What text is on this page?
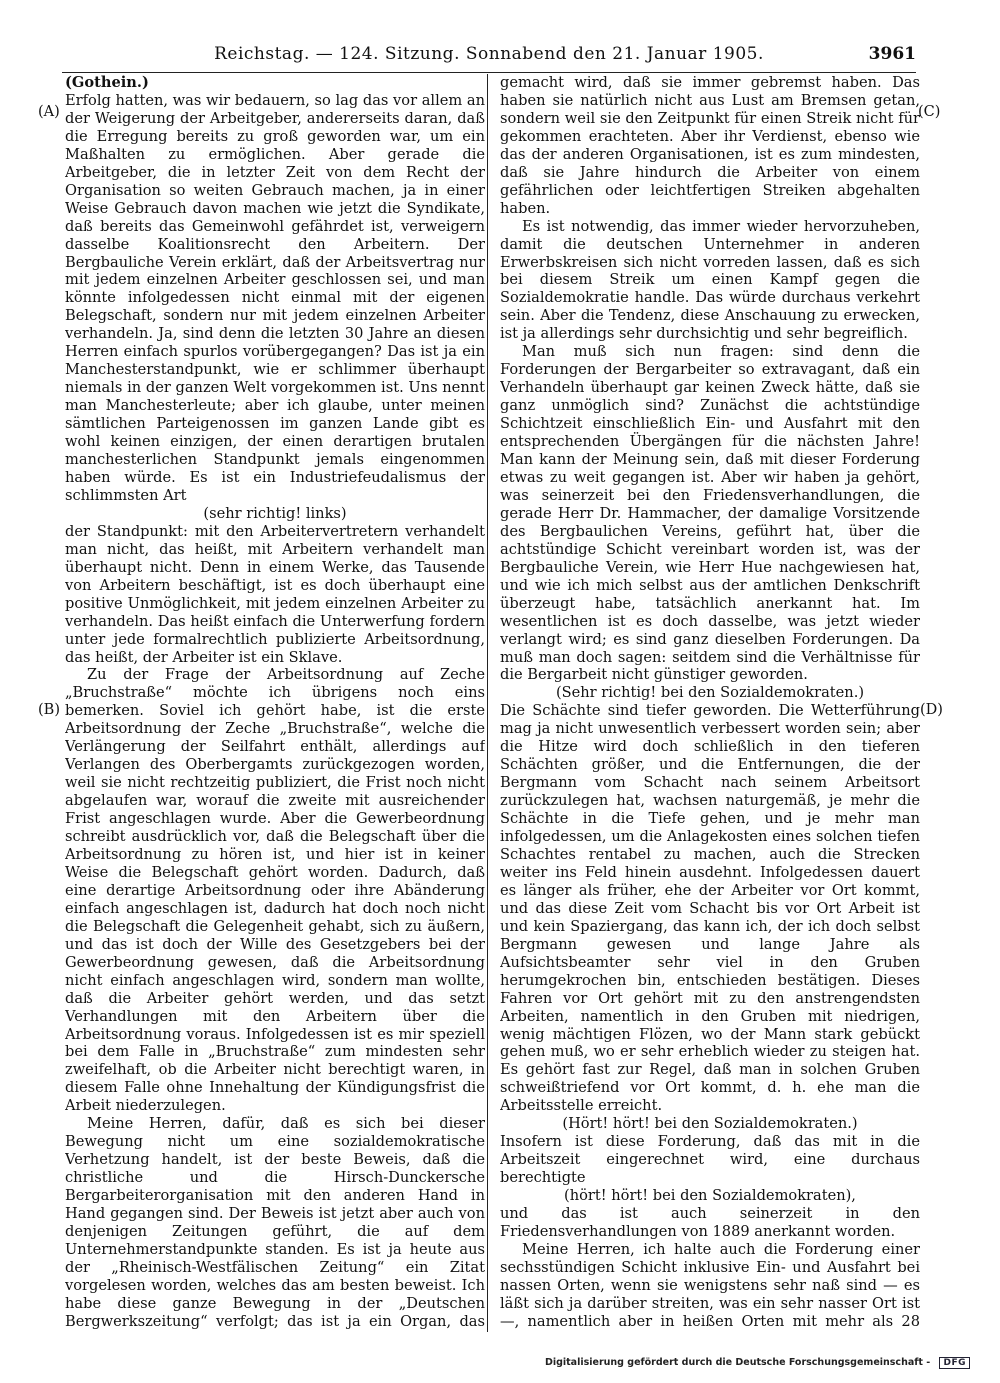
Reichstag. — 124. Sitzung. Sonnabend den 21. Januar 1905.	3961
(A)
(B)
(C)
(D)

(Gothein.)

Erfolg hatten, was wir bedauern, so lag das vor allem an der Weigerung der Arbeitgeber, andererseits daran, daß die Erregung bereits zu groß geworden war, um ein Maßhalten zu ermöglichen. Aber gerade die Arbeitgeber, die in letzter Zeit von dem Recht der Organisation so weiten Gebrauch machen, ja in einer Weise Gebrauch davon machen wie jetzt die Syndikate, daß bereits das Gemeinwohl gefährdet ist, verweigern dasselbe Koalitionsrecht den Arbeitern. Der Bergbauliche Verein erklärt, daß der Arbeitsvertrag nur mit jedem einzelnen Arbeiter geschlossen sei, und man könnte infolgedessen nicht einmal mit der eigenen Belegschaft, sondern nur mit jedem einzelnen Arbeiter verhandeln. Ja, sind denn die letzten 30 Jahre an diesen Herren einfach spurlos vorübergegangen? Das ist ja ein Manchesterstandpunkt, wie er schlimmer überhaupt niemals in der ganzen Welt vorgekommen ist. Uns nennt man Manchesterleute; aber ich glaube, unter meinen sämtlichen Parteigenossen im ganzen Lande gibt es wohl keinen einzigen, der einen derartigen brutalen manchesterlichen Standpunkt jemals eingenommen haben würde. Es ist ein Industriefeudalismus der schlimmsten Art

(sehr richtig! links)

der Standpunkt: mit den Arbeitervertretern verhandelt man nicht, das heißt, mit Arbeitern verhandelt man überhaupt nicht. Denn in einem Werke, das Tausende von Arbeitern beschäftigt, ist es doch überhaupt eine positive Unmöglichkeit, mit jedem einzelnen Arbeiter zu verhandeln. Das heißt einfach die Unterwerfung fordern unter jede formalrechtlich publizierte Arbeitsordnung, das heißt, der Arbeiter ist ein Sklave.

Zu der Frage der Arbeitsordnung auf Zeche „Bruchstraße“ möchte ich übrigens noch eins bemerken. Soviel ich gehört habe, ist die erste Arbeitsordnung der Zeche „Bruchstraße“, welche die Verlängerung der Seilfahrt enthält, allerdings auf Verlangen des Oberbergamts zurückgezogen worden, weil sie nicht rechtzeitig publiziert, die Frist noch nicht abgelaufen war, worauf die zweite mit ausreichender Frist angeschlagen wurde. Aber die Gewerbeordnung schreibt ausdrücklich vor, daß die Belegschaft über die Arbeitsordnung zu hören ist, und hier ist in keiner Weise die Belegschaft gehört worden. Dadurch, daß eine derartige Arbeitsordnung oder ihre Abänderung einfach angeschlagen ist, dadurch hat doch noch nicht die Belegschaft die Gelegenheit gehabt, sich zu äußern, und das ist doch der Wille des Gesetzgebers bei der Gewerbeordnung gewesen, daß die Arbeitsordnung nicht einfach angeschlagen wird, sondern man wollte, daß die Arbeiter gehört werden, und das setzt Verhandlungen mit den Arbeitern über die Arbeitsordnung voraus. Infolgedessen ist es mir speziell bei dem Falle in „Bruchstraße“ zum mindesten sehr zweifelhaft, ob die Arbeiter nicht berechtigt waren, in diesem Falle ohne Innehaltung der Kündigungsfrist die Arbeit niederzulegen.

Meine Herren, dafür, daß es sich bei dieser Bewegung nicht um eine sozialdemokratische Verhetzung handelt, ist der beste Beweis, daß die christliche und die Hirsch-Dunckersche Bergarbeiterorganisation mit den anderen Hand in Hand gegangen sind. Der Beweis ist jetzt aber auch von denjenigen Zeitungen geführt, die auf dem Unternehmerstandpunkte standen. Es ist ja heute aus der „Rheinisch-Westfälischen Zeitung“ ein Zitat vorgelesen worden, welches das am besten beweist. Ich habe diese ganze Bewegung in der „Deutschen Bergwerkszeitung“ verfolgt; das ist ja ein Organ, das

gemacht wird, daß sie immer gebremst haben. Das haben sie natürlich nicht aus Lust am Bremsen getan, sondern weil sie den Zeitpunkt für einen Streik nicht für gekommen erachteten. Aber ihr Verdienst, ebenso wie das der anderen Organisationen, ist es zum mindesten, daß sie Jahre hindurch die Arbeiter von einem gefährlichen oder leichtfertigen Streiken abgehalten haben.

Es ist notwendig, das immer wieder hervorzuheben, damit die deutschen Unternehmer in anderen Erwerbskreisen sich nicht vorreden lassen, daß es sich bei diesem Streik um einen Kampf gegen die Sozialdemokratie handle. Das würde durchaus verkehrt sein. Aber die Tendenz, diese Anschauung zu erwecken, ist ja allerdings sehr durchsichtig und sehr begreiflich.

Man muß sich nun fragen: sind denn die Forderungen der Bergarbeiter so extravagant, daß ein Verhandeln überhaupt gar keinen Zweck hätte, daß sie ganz unmöglich sind? Zunächst die achtstündige Schichtzeit einschließlich Ein- und Ausfahrt mit den entsprechenden Übergängen für die nächsten Jahre! Man kann der Meinung sein, daß mit dieser Forderung etwas zu weit gegangen ist. Aber wir haben ja gehört, was seinerzeit bei den Friedensverhandlungen, die gerade Herr Dr. Hammacher, der damalige Vorsitzende des Bergbaulichen Vereins, geführt hat, über die achtstündige Schicht vereinbart worden ist, was der Bergbauliche Verein, wie Herr Hue nachgewiesen hat, und wie ich mich selbst aus der amtlichen Denkschrift überzeugt habe, tatsächlich anerkannt hat. Im wesentlichen ist es doch dasselbe, was jetzt wieder verlangt wird; es sind ganz dieselben Forderungen. Da muß man doch sagen: seitdem sind die Verhältnisse für die Bergarbeit nicht günstiger geworden.

(Sehr richtig! bei den Sozialdemokraten.)

Die Schächte sind tiefer geworden. Die Wetterführung mag ja nicht unwesentlich verbessert worden sein; aber die Hitze wird doch schließlich in den tieferen Schächten größer, und die Entfernungen, die der Bergmann vom Schacht nach seinem Arbeitsort zurückzulegen hat, wachsen naturgemäß, je mehr die Schächte in die Tiefe gehen, und je mehr man infolgedessen, um die Anlagekosten eines solchen tiefen Schachtes rentabel zu machen, auch die Strecken weiter ins Feld hinein ausdehnt. Infolgedessen dauert es länger als früher, ehe der Arbeiter vor Ort kommt, und das diese Zeit vom Schacht bis vor Ort Arbeit ist und kein Spaziergang, das kann ich, der ich doch selbst Bergmann gewesen und lange Jahre als Aufsichtsbeamter sehr viel in den Gruben herumgekrochen bin, entschieden bestätigen. Dieses Fahren vor Ort gehört mit zu den anstrengendsten Arbeiten, namentlich in den Gruben mit niedrigen, wenig mächtigen Flözen, wo der Mann stark gebückt gehen muß, wo er sehr erheblich wieder zu steigen hat. Es gehört fast zur Regel, daß man in solchen Gruben schweißtriefend vor Ort kommt, d. h. ehe man die Arbeitsstelle erreicht.

(Hört! hört! bei den Sozialdemokraten.)

Insofern ist diese Forderung, daß das mit in die Arbeitszeit eingerechnet wird, eine durchaus berechtigte

(hört! hört! bei den Sozialdemokraten),

und das ist auch seinerzeit in den Friedensverhandlungen von 1889 anerkannt worden.

Meine Herren, ich halte auch die Forderung einer sechsstündigen Schicht inklusive Ein- und Ausfahrt bei nassen Orten, wenn sie wenigstens sehr naß sind — es läßt sich ja darüber streiten, was ein sehr nasser Ort ist —, namentlich aber in heißen Orten mit mehr als 28

Digitalisierung gefördert durch die Deutsche Forschungsgemeinschaft - DFG
